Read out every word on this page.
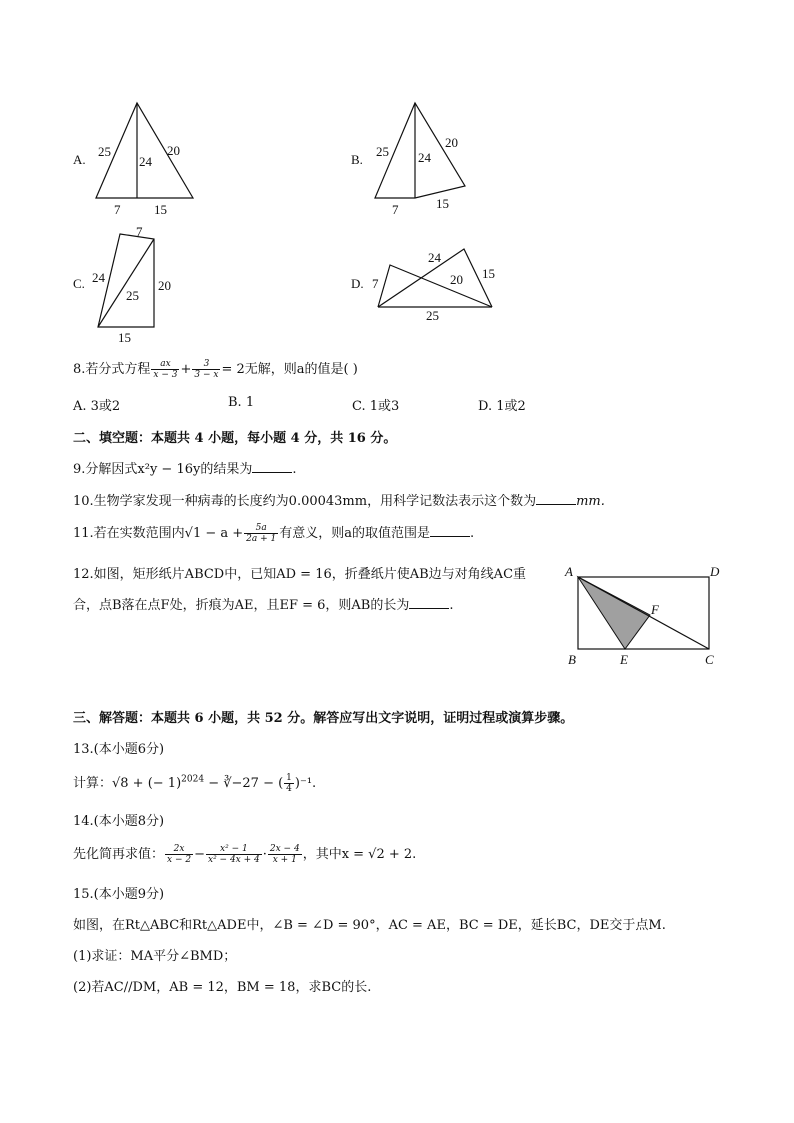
A.
25
24
20
7	15
B.
25 24
20
7	15
C.
7
24
25
20
15
D. 7
24
20 15
25
8.若分式方程 $\frac{ax}{x - 3} + \frac{3}{3 - x} = 2$无解，则a的值是( )
A. 3或2	B. 1	C. 1或3	D. 1或2
二、填空题：本题共 4 小题，每小题 4 分，共 16 分。
9.分解因式x²y − 16y的结果为	.
10.生物学家发现一种病毒的长度约为0.00043mm，用科学记数法表示这个数为	mm.
11.若在实数范围内$√1 - a + \frac{5a}{2a + 1}$ 有意义，则a的取值范围是	.
12.如图，矩形纸片ABCD中，已知AD = 16，折叠纸片使AB边与对角线AC重
合，点B落在点F处，折痕为AE，且EF = 6，则AB的长为	.
A	D
F
B	E	C
三、解答题：本题共 6 小题，共 52 分。解答应写出文字说明，证明过程或演算步骤。
13.(本小题6分)
计算：√8 + (− 1)$^{2024}$ − ∛−27 − ( $\frac{1}{4} )^{-1}$.
14.(本小题8分)
先化简再求值： $\frac{2x}{x - 2} - \frac{\text{x² − 1}}{\text{x² − 4x + 4}} \cdot \frac{2x - 4}{x + 1}$ ，其中x = √2 + 2.
15.(本小题9分)
如图，在Rt△ABC和Rt△ADE中，∠B = ∠D = 90°，AC = AE，BC = DE，延长BC，DE交于点M.
(1)求证：MA平分∠BMD；
(2)若AC//DM，AB = 12，BM = 18，求BC的长.
